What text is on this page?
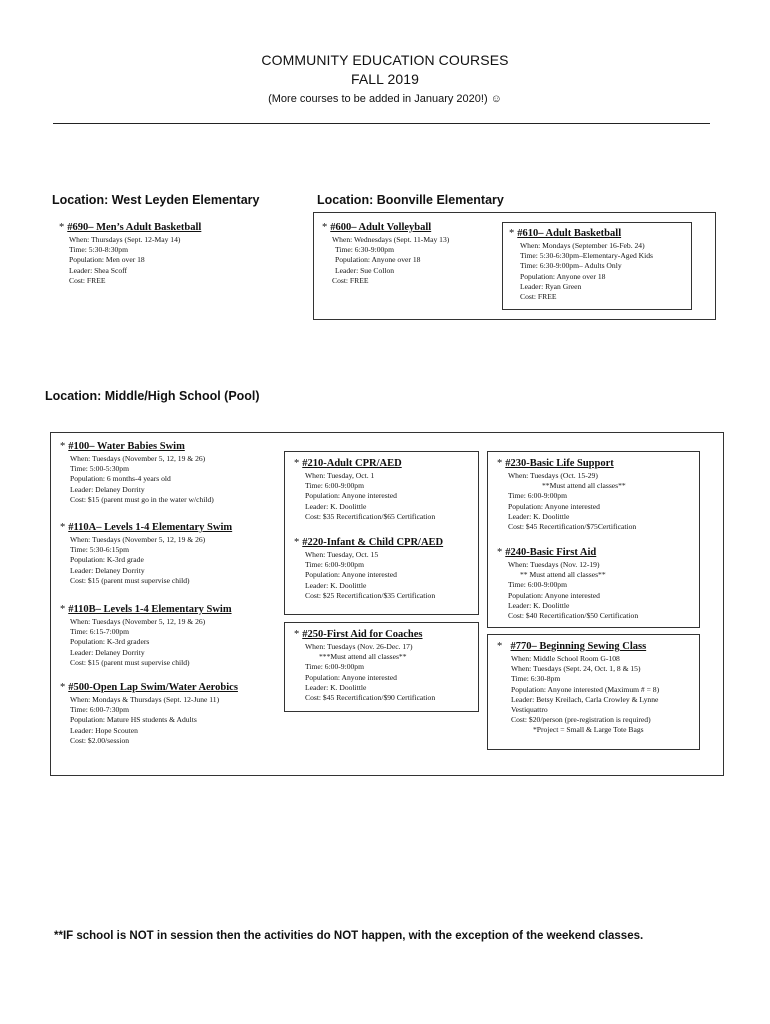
COMMUNITY EDUCATION COURSES
FALL 2019
(More courses to be added in January 2020!) ☺
Location: West Leyden Elementary
* #690– Men’s Adult Basketball
When: Thursdays (Sept. 12-May 14)
Time: 5:30-8:30pm
Population: Men over 18
Leader: Shea Scoff
Cost: FREE
Location: Boonville Elementary
* #600– Adult Volleyball
When: Wednesdays (Sept. 11-May 13)
Time: 6:30-9:00pm
Population: Anyone over 18
Leader: Sue Collon
Cost: FREE
* #610– Adult Basketball
When: Mondays (September 16-Feb. 24)
Time: 5:30-6:30pm–Elementary-Aged Kids
Time: 6:30-9:00pm– Adults Only
Population: Anyone over 18
Leader: Ryan Green
Cost: FREE
Location: Middle/High School (Pool)
* #100– Water Babies Swim
When: Tuesdays (November 5, 12, 19 & 26)
Time: 5:00-5:30pm
Population: 6 months-4 years old
Leader: Delaney Dorrity
Cost: $15 (parent must go in the water w/child)
* #110A– Levels 1-4 Elementary Swim
When: Tuesdays (November 5, 12, 19 & 26)
Time: 5:30-6:15pm
Population: K-3rd grade
Leader: Delaney Dorrity
Cost: $15 (parent must supervise child)
* #110B– Levels 1-4 Elementary Swim
When: Tuesdays (November 5, 12, 19 & 26)
Time: 6:15-7:00pm
Population: K-3rd graders
Leader: Delaney Dorrity
Cost: $15 (parent must supervise child)
* #500-Open Lap Swim/Water Aerobics
When: Mondays & Thursdays (Sept. 12-June 11)
Time: 6:00-7:30pm
Population: Mature HS students & Adults
Leader: Hope Scouten
Cost: $2.00/session
* #210-Adult CPR/AED
When: Tuesday, Oct. 1
Time: 6:00-9:00pm
Population: Anyone interested
Leader: K. Doolittle
Cost: $35 Recertification/$65 Certification
* #220-Infant & Child CPR/AED
When: Tuesday, Oct. 15
Time: 6:00-9:00pm
Population: Anyone interested
Leader: K. Doolittle
Cost: $25 Recertification/$35 Certification
* #250-First Aid for Coaches
When: Tuesdays (Nov. 26-Dec. 17)
***Must attend all classes**
Time: 6:00-9:00pm
Population: Anyone interested
Leader: K. Doolittle
Cost: $45 Recertification/$90 Certification
* #230-Basic Life Support
When: Tuesdays (Oct. 15-29)
**Must attend all classes**
Time: 6:00-9:00pm
Population: Anyone interested
Leader: K. Doolittle
Cost: $45 Recertification/$75Certification
* #240-Basic First Aid
When: Tuesdays (Nov. 12-19)
** Must attend all classes**
Time: 6:00-9:00pm
Population: Anyone interested
Leader: K. Doolittle
Cost: $40 Recertification/$50 Certification
* #770– Beginning Sewing Class
When: Middle School Room G-108
When: Tuesdays (Sept. 24, Oct. 1, 8 & 15)
Time: 6:30-8pm
Population: Anyone interested (Maximum # = 8)
Leader: Betsy Kreilach, Carla Crowley & Lynne
Vestiquattro
Cost: $20/person (pre-registration is required)
*Project = Small & Large Tote Bags
**IF school is NOT in session then the activities do NOT happen, with the exception of the weekend classes.
